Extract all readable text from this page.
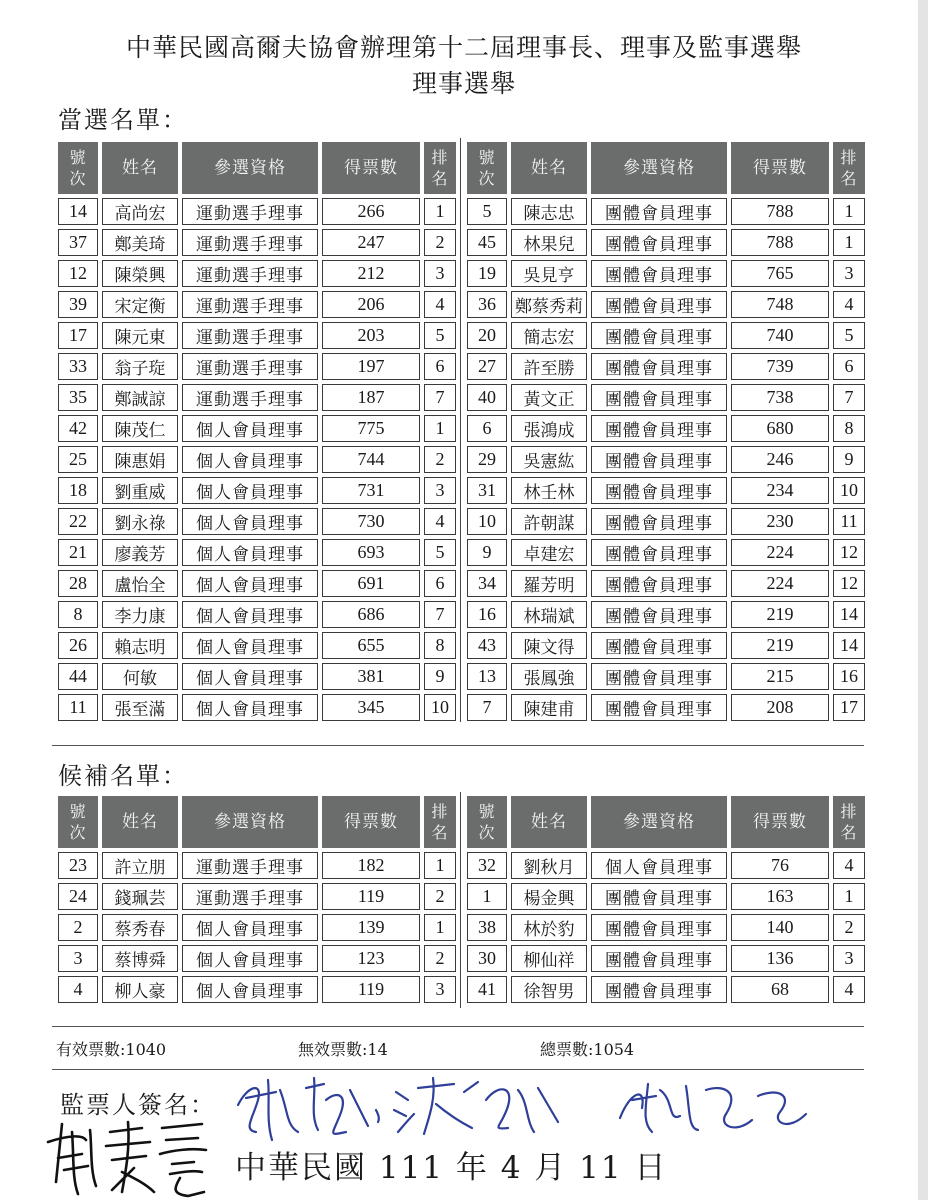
中華民國高爾夫協會辦理第十二屆理事長、理事及監事選舉
理事選舉
當選名單：
號
次	姓名	參選資格	得票數	排
名
14	高尚宏	運動選手理事	266	1
37	鄭美琦	運動選手理事	247	2
12	陳榮興	運動選手理事	212	3
39	宋定衡	運動選手理事	206	4
17	陳元東	運動選手理事	203	5
33	翁子琁	運動選手理事	197	6
35	鄭誠諒	運動選手理事	187	7
42	陳茂仁	個人會員理事	775	1
25	陳惠娟	個人會員理事	744	2
18	劉重威	個人會員理事	731	3
22	劉永祿	個人會員理事	730	4
21	廖義芳	個人會員理事	693	5
28	盧怡全	個人會員理事	691	6
8	李力康	個人會員理事	686	7
26	賴志明	個人會員理事	655	8
44	何敏	個人會員理事	381	9
11	張至滿	個人會員理事	345	10
號
次	姓名	參選資格	得票數	排
名
5	陳志忠	團體會員理事	788	1
45	林果兒	團體會員理事	788	1
19	吳見亨	團體會員理事	765	3
36	鄭蔡秀莉	團體會員理事	748	4
20	簡志宏	團體會員理事	740	5
27	許至勝	團體會員理事	739	6
40	黃文正	團體會員理事	738	7
6	張鴻成	團體會員理事	680	8
29	吳憲紘	團體會員理事	246	9
31	林壬林	團體會員理事	234	10
10	許朝謀	團體會員理事	230	11
9	卓建宏	團體會員理事	224	12
34	羅芳明	團體會員理事	224	12
16	林瑞斌	團體會員理事	219	14
43	陳文得	團體會員理事	219	14
13	張鳳強	團體會員理事	215	16
7	陳建甫	團體會員理事	208	17
候補名單：
號
次	姓名	參選資格	得票數	排
名
23	許立朋	運動選手理事	182	1
24	錢珮芸	運動選手理事	119	2
2	蔡秀春	個人會員理事	139	1
3	蔡博舜	個人會員理事	123	2
4	柳人豪	個人會員理事	119	3
號
次	姓名	參選資格	得票數	排
名
32	劉秋月	個人會員理事	76	4
1	楊金興	團體會員理事	163	1
38	林於豹	團體會員理事	140	2
30	柳仙祥	團體會員理事	136	3
41	徐智男	團體會員理事	68	4
有效票數:1040	無效票數:14	總票數:1054
監票人簽名：
中華民國 111 年 4 月 11 日
